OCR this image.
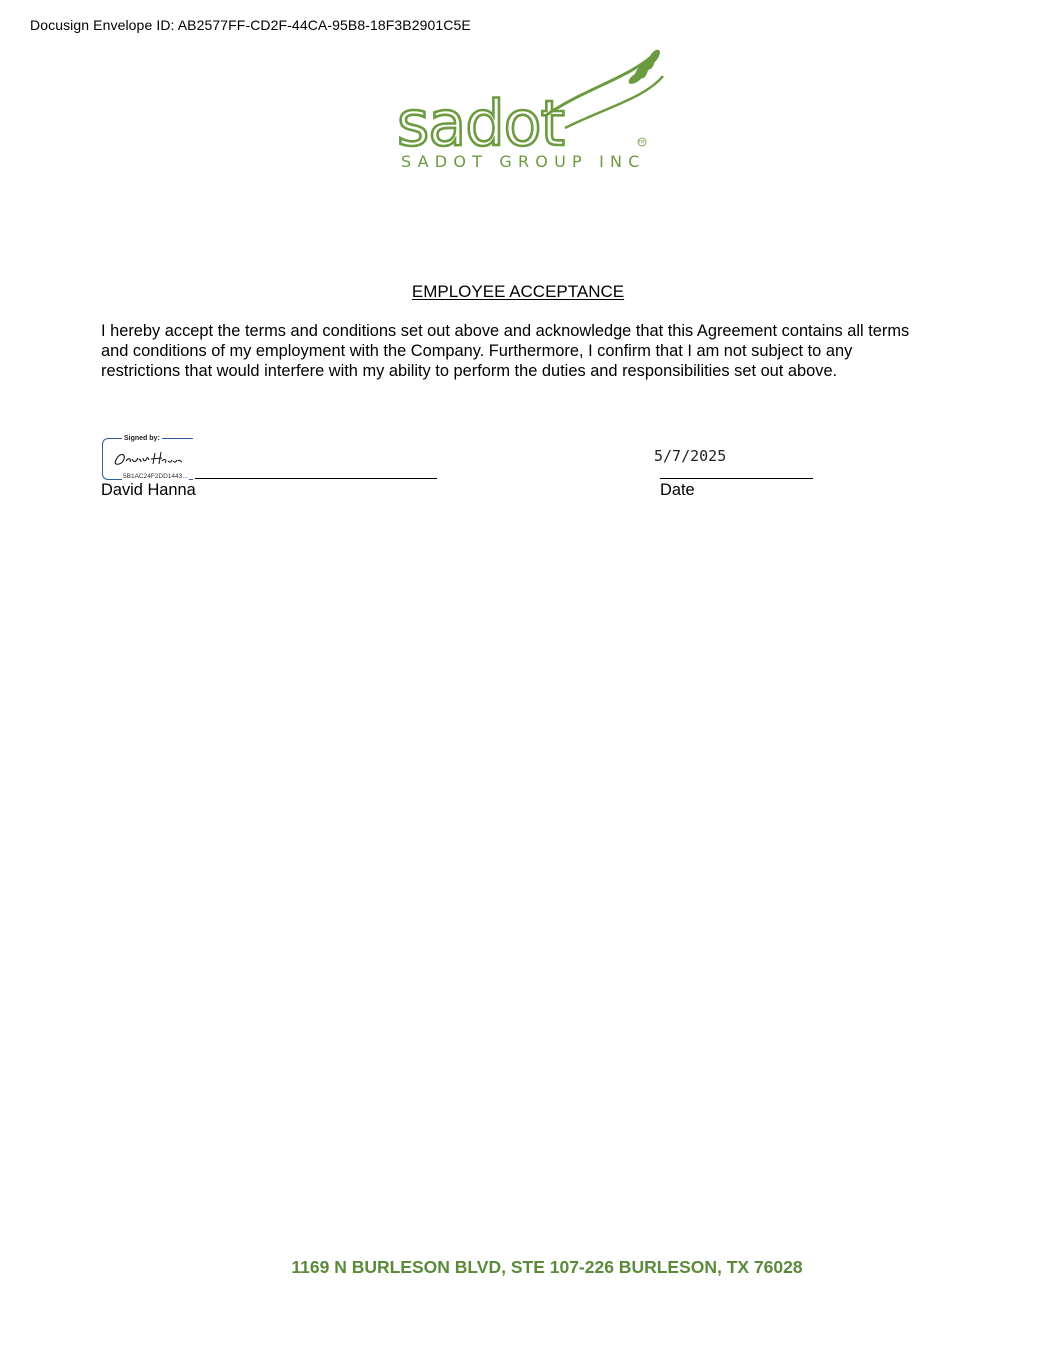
Docusign Envelope ID: AB2577FF-CD2F-44CA-95B8-18F3B2901C5E
sadot	TM
SADOT GROUP INC
EMPLOYEE ACCEPTANCE
I hereby accept the terms and conditions set out above and acknowledge that this Agreement contains all terms and conditions of my employment with the Company. Furthermore, I confirm that I am not subject to any restrictions that would interfere with my ability to perform the duties and responsibilities set out above.
Signed by:
5B1AC24F2DD1443...
David Hanna
5/7/2025
Date
1169 N BURLESON BLVD, STE 107-226 BURLESON, TX 76028
